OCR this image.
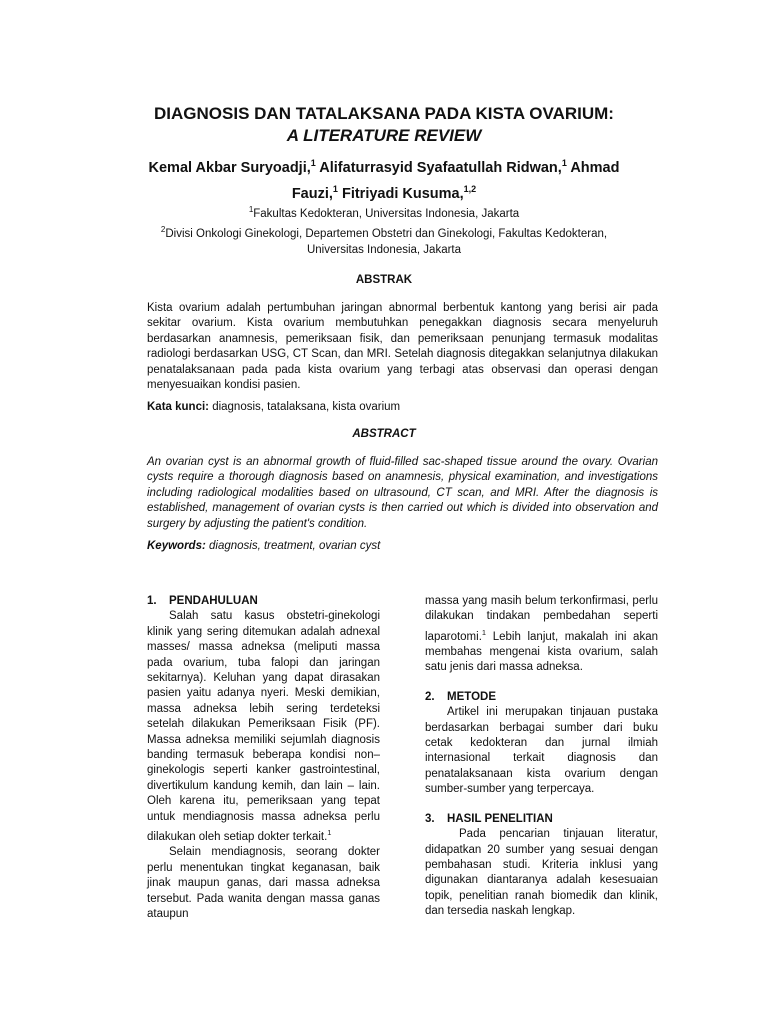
DIAGNOSIS DAN TATALAKSANA PADA KISTA OVARIUM:
A LITERATURE REVIEW
Kemal Akbar Suryoadji,$^1$ Alifaturrasyid Syafaatullah Ridwan,$^1$ Ahmad Fauzi,$^1$ Fitriyadi Kusuma,$^{1,2}$
$^1$Fakultas Kedokteran, Universitas Indonesia, Jakarta
$^2$Divisi Onkologi Ginekologi, Departemen Obstetri dan Ginekologi, Fakultas Kedokteran, Universitas Indonesia, Jakarta
ABSTRAK
Kista ovarium adalah pertumbuhan jaringan abnormal berbentuk kantong yang berisi air pada sekitar ovarium. Kista ovarium membutuhkan penegakkan diagnosis secara menyeluruh berdasarkan anamnesis, pemeriksaan fisik, dan pemeriksaan penunjang termasuk modalitas radiologi berdasarkan USG, CT Scan, dan MRI. Setelah diagnosis ditegakkan selanjutnya dilakukan penatalaksanaan pada pada kista ovarium yang terbagi atas observasi dan operasi dengan menyesuaikan kondisi pasien.
Kata kunci: diagnosis, tatalaksana, kista ovarium
ABSTRACT
An ovarian cyst is an abnormal growth of fluid-filled sac-shaped tissue around the ovary. Ovarian cysts require a thorough diagnosis based on anamnesis, physical examination, and investigations including radiological modalities based on ultrasound, CT scan, and MRI. After the diagnosis is established, management of ovarian cysts is then carried out which is divided into observation and surgery by adjusting the patient's condition.
Keywords: diagnosis, treatment, ovarian cyst
1. PENDAHULUAN

Salah satu kasus obstetri-ginekologi klinik yang sering ditemukan adalah adnexal masses/ massa adneksa (meliputi massa pada ovarium, tuba falopi dan jaringan sekitarnya). Keluhan yang dapat dirasakan pasien yaitu adanya nyeri. Meski demikian, massa adneksa lebih sering terdeteksi setelah dilakukan Pemeriksaan Fisik (PF). Massa adneksa memiliki sejumlah diagnosis banding termasuk beberapa kondisi non–ginekologis seperti kanker gastrointestinal, divertikulum kandung kemih, dan lain – lain. Oleh karena itu, pemeriksaan yang tepat untuk mendiagnosis massa adneksa perlu dilakukan oleh setiap dokter terkait.$^1$

Selain mendiagnosis, seorang dokter perlu menentukan tingkat keganasan, baik jinak maupun ganas, dari massa adneksa tersebut. Pada wanita dengan massa ganas ataupun

massa yang masih belum terkonfirmasi, perlu dilakukan tindakan pembedahan seperti laparotomi.$^1$ Lebih lanjut, makalah ini akan membahas mengenai kista ovarium, salah satu jenis dari massa adneksa.

2. METODE

Artikel ini merupakan tinjauan pustaka berdasarkan berbagai sumber dari buku cetak kedokteran dan jurnal ilmiah internasional terkait diagnosis dan penatalaksanaan kista ovarium dengan sumber-sumber yang terpercaya.

3. HASIL PENELITIAN

Pada pencarian tinjauan literatur, didapatkan 20 sumber yang sesuai dengan pembahasan studi. Kriteria inklusi yang digunakan diantaranya adalah kesesuaian topik, penelitian ranah biomedik dan klinik, dan tersedia naskah lengkap.
